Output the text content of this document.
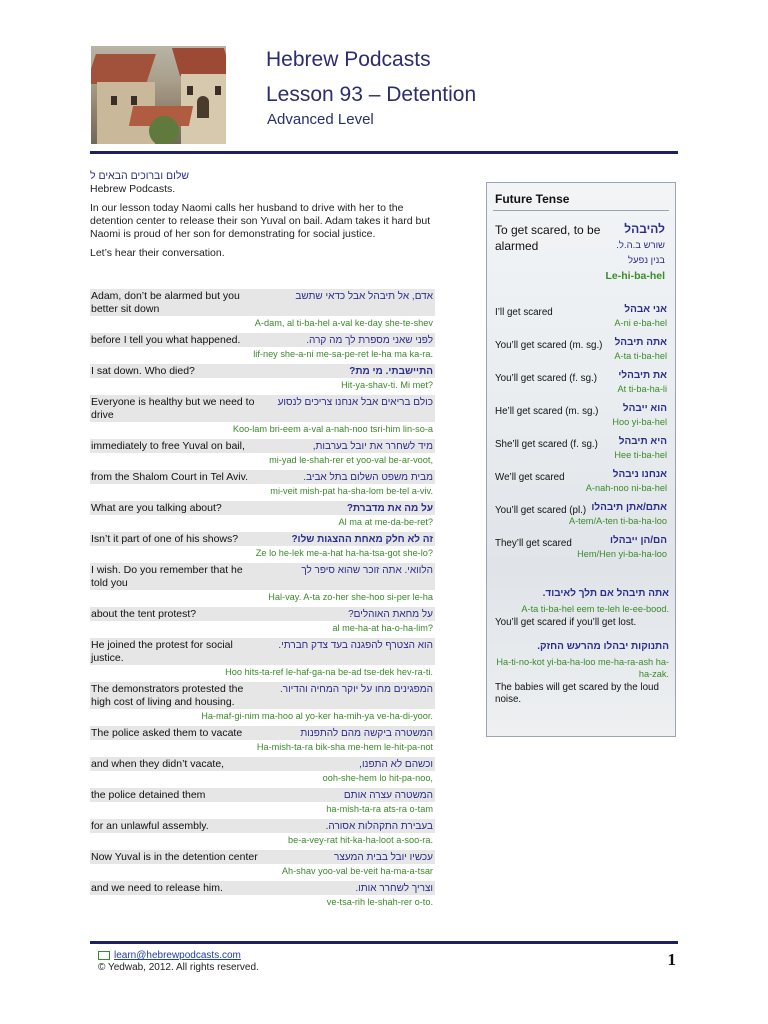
Hebrew Podcasts
Lesson 93 – Detention
Advanced Level
שלום וברוכים הבאים ל

Hebrew Podcasts.

In our lesson today Naomi calls her husband to drive with her to the detention center to release their son Yuval on bail. Adam takes it hard but Naomi is proud of her son for demonstrating for social justice.

Let’s hear their conversation.

Adam, don’t be alarmed but you better sit down
אדם, אל תיבהל אבל כדאי שתשב
A-dam, al ti-ba-hel a-val ke-day she-te-shev
before I tell you what happened.	לפני שאני מספרת לך מה קרה.
lif-ney she-a-ni me-sa-pe-ret le-ha ma ka-ra.
I sat down. Who died?	התיישבתי. מי מת?
Hit-ya-shav-ti. Mi met?
Everyone is healthy but we need to drive
כולם בריאים אבל אנחנו צריכים לנסוע
Koo-lam bri-eem a-val a-nah-noo tsri-him lin-so-a
immediately to free Yuval on bail,	מיד לשחרר את יובל בערבות,
mi-yad le-shah-rer et yoo-val be-ar-voot,
from the Shalom Court in Tel Aviv.	מבית משפט השלום בתל אביב.
mi-veit mish-pat ha-sha-lom be-tel a-viv.
What are you talking about?	על מה את מדברת?
Al ma at me-da-be-ret?
Isn’t it part of one of his shows?	זה לא חלק מאחת ההצגות שלו?
Ze lo he-lek me-a-hat ha-ha-tsa-got she-lo?
I wish. Do you remember that he told you
הלוואי. אתה זוכר שהוא סיפר לך
Hal-vay. A-ta zo-her she-hoo si-per le-ha
about the tent protest?	על מחאת האוהלים?
al me-ha-at ha-o-ha-lim?
He joined the protest for social justice.
הוא הצטרף להפגנה בעד צדק חברתי.
Hoo hits-ta-ref le-haf-ga-na be-ad tse-dek hev-ra-ti.
The demonstrators protested the high cost of living and housing.
המפגינים מחו על יוקר המחיה והדיור.
Ha-maf-gi-nim ma-hoo al yo-ker ha-mih-ya ve-ha-di-yoor.
The police asked them to vacate	המשטרה ביקשה מהם להתפנות
Ha-mish-ta-ra bik-sha me-hem le-hit-pa-not
and when they didn’t vacate,	וכשהם לא התפנו,
ooh-she-hem lo hit-pa-noo,
the police detained them	המשטרה עצרה אותם
ha-mish-ta-ra ats-ra o-tam
for an unlawful assembly.	בעבירת התקהלות אסורה.
be-a-vey-rat hit-ka-ha-loot a-soo-ra.
Now Yuval is in the detention center	עכשיו יובל בבית המעצר
Ah-shav yoo-val be-veit ha-ma-a-tsar
and we need to release him.	וצריך לשחרר אותו.
ve-tsa-rih le-shah-rer o-to.
Future Tense
To get scared, to be alarmed
להיבהל
שורש ב.ה.ל.
בנין נפעל
Le-hi-ba-hel
I’ll get scared	אני אבהל
A-ni e-ba-hel
You’ll get scared (m. sg.) אתה תיבהל
A-ta ti-ba-hel
You’ll get scared (f. sg.) את תיבהלי
At ti-ba-ha-li
He’ll get scared (m. sg.) הוא ייבהל
Hoo yi-ba-hel
She’ll get scared (f. sg.) היא תיבהל
Hee ti-ba-hel
We’ll get scared	אנחנו ניבהל
A-nah-noo ni-ba-hel
You’ll get scared (pl.) אתם/אתן תיבהלו
A-tem/A-ten ti-ba-ha-loo
They’ll get scared	הם/הן ייבהלו
Hem/Hen yi-ba-ha-loo
אתה תיבהל אם תלך לאיבוד.
A-ta ti-ba-hel eem te-leh le-ee-bood.
You’ll get scared if you’ll get lost.
התנוקות יבהלו מהרעש החזק.
Ha-ti-no-kot yi-ba-ha-loo me-ha-ra-ash ha-ha-zak.
The babies will get scared by the loud noise.
learn@hebrewpodcasts.com
© Yedwab, 2012. All rights reserved.	1
